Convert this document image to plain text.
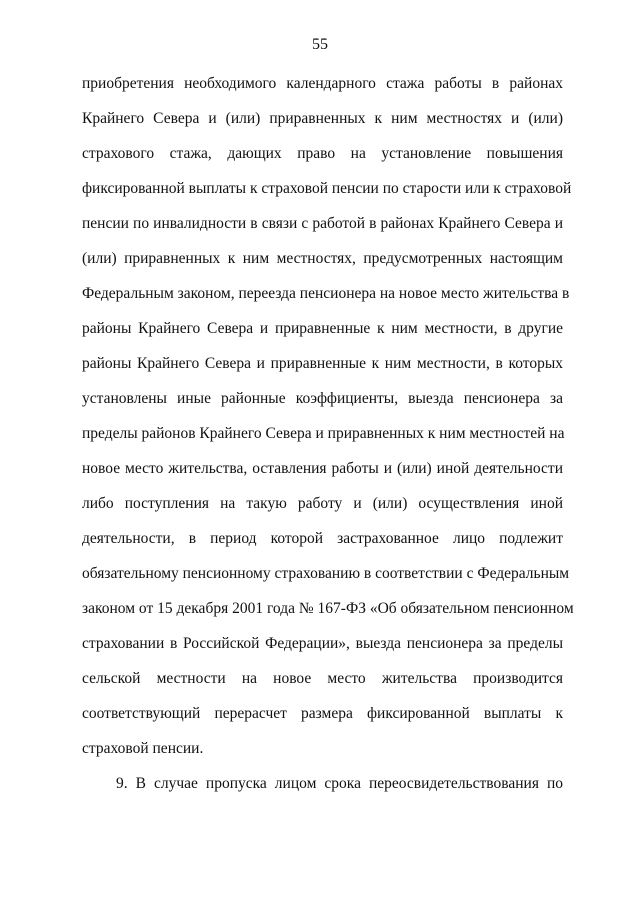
55
приобретения необходимого календарного стажа работы в районах
Крайнего Севера и (или) приравненных к ним местностях и (или)
страхового стажа, дающих право на установление повышения
фиксированной выплаты к страховой пенсии по старости или к страховой
пенсии по инвалидности в связи с работой в районах Крайнего Севера и
(или) приравненных к ним местностях, предусмотренных настоящим
Федеральным законом, переезда пенсионера на новое место жительства в
районы Крайнего Севера и приравненные к ним местности, в другие
районы Крайнего Севера и приравненные к ним местности, в которых
установлены иные районные коэффициенты, выезда пенсионера за
пределы районов Крайнего Севера и приравненных к ним местностей на
новое место жительства, оставления работы и (или) иной деятельности
либо поступления на такую работу и (или) осуществления иной
деятельности, в период которой застрахованное лицо подлежит
обязательному пенсионному страхованию в соответствии с Федеральным
законом от 15 декабря 2001 года № 167-ФЗ «Об обязательном пенсионном
страховании в Российской Федерации», выезда пенсионера за пределы
сельской местности на новое место жительства производится
соответствующий перерасчет размера фиксированной выплаты к
страховой пенсии.
9. В случае пропуска лицом срока переосвидетельствования по
